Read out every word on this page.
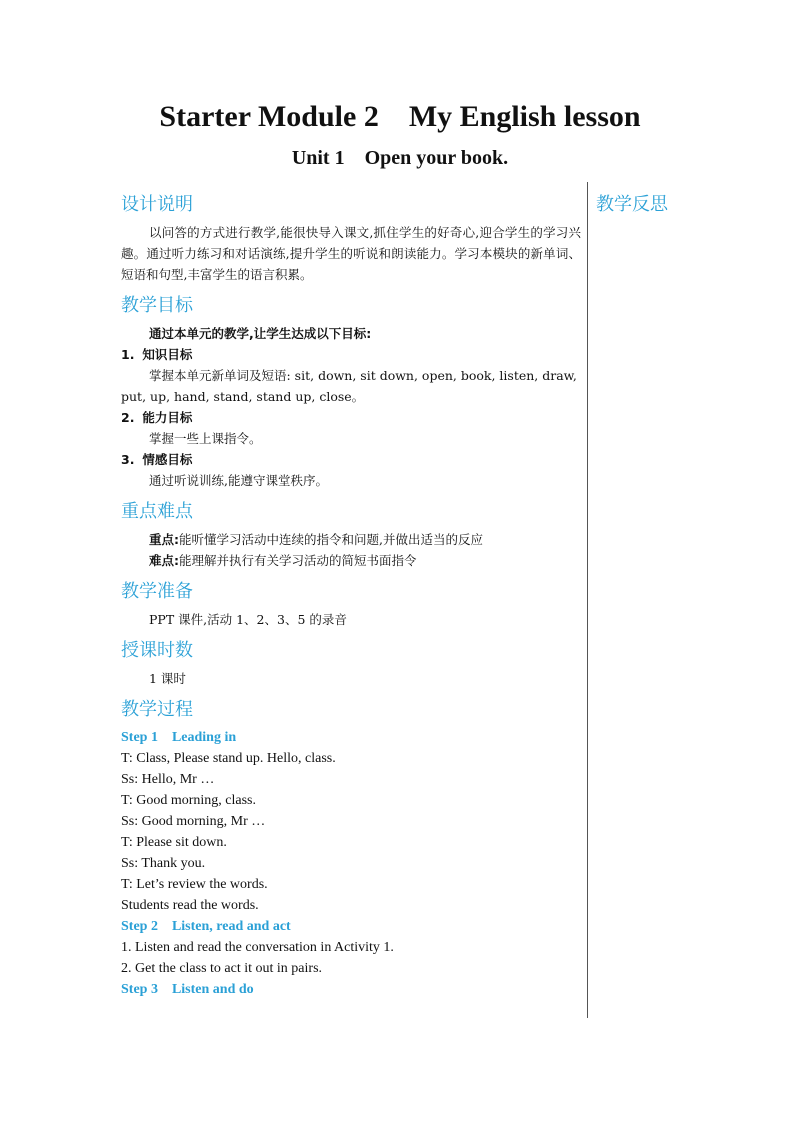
Starter Module 2    My English lesson
Unit 1    Open your book.
教学反思
设计说明

以问答的方式进行教学,能很快导入课文,抓住学生的好奇心,迎合学生的学习兴趣。通过听力练习和对话演练,提升学生的听说和朗读能力。学习本模块的新单词、短语和句型,丰富学生的语言积累。

教学目标

通过本单元的教学,让学生达成以下目标:

1. 知识目标

掌握本单元新单词及短语: sit, down, sit down, open, book, listen, draw,

put, up, hand, stand, stand up, close。

2. 能力目标

掌握一些上课指令。

3. 情感目标

通过听说训练,能遵守课堂秩序。

重点难点

重点:能听懂学习活动中连续的指令和问题,并做出适当的反应

难点:能理解并执行有关学习活动的简短书面指令

教学准备

PPT 课件,活动 1、2、3、5 的录音

授课时数

1 课时

教学过程

Step 1    Leading in

T: Class, Please stand up. Hello, class.

Ss: Hello, Mr …

T: Good morning, class.

Ss: Good morning, Mr …

T: Please sit down.

Ss: Thank you.

T: Let’s review the words.

Students read the words.

Step 2    Listen, read and act

1. Listen and read the conversation in Activity 1.

2. Get the class to act it out in pairs.

Step 3    Listen and do
